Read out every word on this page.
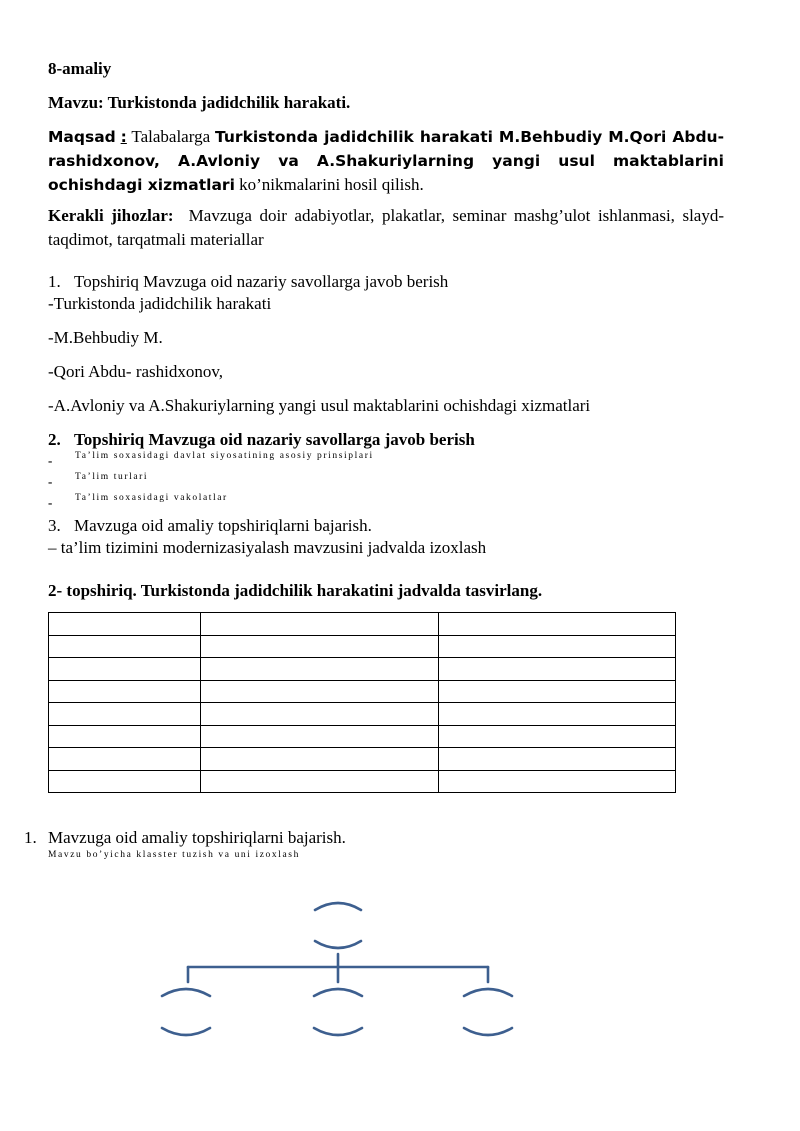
8-amaliy
Mavzu: Turkistonda jadidchilik harakati.
Maqsad : Talabalarga Turkistonda jadidchilik harakati M.Behbudiy M.Qori Abdu-rashidxonov, A.Avloniy va A.Shakuriylarning yangi usul maktablarini ochishdagi xizmatlari ko’nikmalarini hosil qilish.
Kerakli jihozlar: Mavzuga doir adabiyotlar, plakatlar, seminar mashg’ulot ishlanmasi, slayd-taqdimot, tarqatmali materiallar
1. Topshiriq Mavzuga oid nazariy savollarga javob berish
-Turkistonda jadidchilik harakati
-M.Behbudiy M.
-Qori Abdu- rashidxonov,
-A.Avloniy va A.Shakuriylarning yangi usul maktablarini ochishdagi xizmatlari
2. Topshiriq Mavzuga oid nazariy savollarga javob berish
- Ta’lim soxasidagi davlat siyosatining asosiy prinsiplari
- Ta’lim turlari
- Ta’lim soxasidagi vakolatlar
3. Mavzuga oid amaliy topshiriqlarni bajarish.
– ta’lim tizimini modernizasiyalash mavzusini jadvalda izoxlash
2- topshiriq. Turkistonda jadidchilik harakatini jadvalda tasvirlang.

1. Mavzuga oid amaliy topshiriqlarni bajarish.
Mavzu bo’yicha klasster tuzish va uni izoxlash
